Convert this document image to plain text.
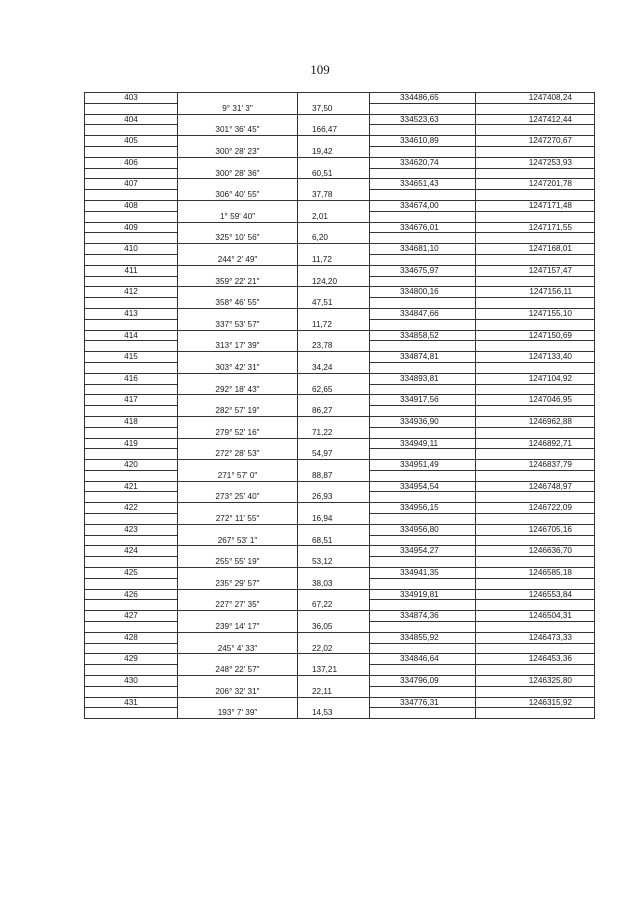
109
403			334486,65	1247408,24
	9° 31' 3"	37,50		
404			334523,63	1247412,44
	301° 36' 45"	166,47		
405			334610,89	1247270,67
	300° 28' 23"	19,42		
406			334620,74	1247253,93
	300° 28' 36"	60,51		
407			334651,43	1247201,78
	306° 40' 55"	37,78		
408			334674,00	1247171,48
	1° 59' 40"	2,01		
409			334676,01	1247171,55
	325° 10' 56"	6,20		
410			334681,10	1247168,01
	244° 2' 49"	11,72		
411			334675,97	1247157,47
	359° 22' 21"	124,20		
412			334800,16	1247156,11
	358° 46' 55"	47,51		
413			334847,66	1247155,10
	337° 53' 57"	11,72		
414			334858,52	1247150,69
	313° 17' 39"	23,78		
415			334874,81	1247133,40
	303° 42' 31"	34,24		
416			334893,81	1247104,92
	292° 18' 43"	62,65		
417			334917,56	1247046,95
	282° 57' 19"	86,27		
418			334936,90	1246962,88
	279° 52' 16"	71,22		
419			334949,11	1246892,71
	272° 28' 53"	54,97		
420			334951,49	1246837,79
	271° 57' 0"	88,87		
421			334954,54	1246748,97
	273° 25' 40"	26,93		
422			334956,15	1246722,09
	272° 11' 55"	16,94		
423			334956,80	1246705,16
	267° 53' 1"	68,51		
424			334954,27	1246636,70
	255° 55' 19"	53,12		
425			334941,35	1246585,18
	235° 29' 57"	38,03		
426			334919,81	1246553,84
	227° 27' 35"	67,22		
427			334874,36	1246504,31
	239° 14' 17"	36,05		
428			334855,92	1246473,33
	245° 4' 33"	22,02		
429			334846,64	1246453,36
	248° 22' 57"	137,21		
430			334796,09	1246325,80
	206° 32' 31"	22,11		
431			334776,31	1246315,92
	193° 7' 39"	14,53		
